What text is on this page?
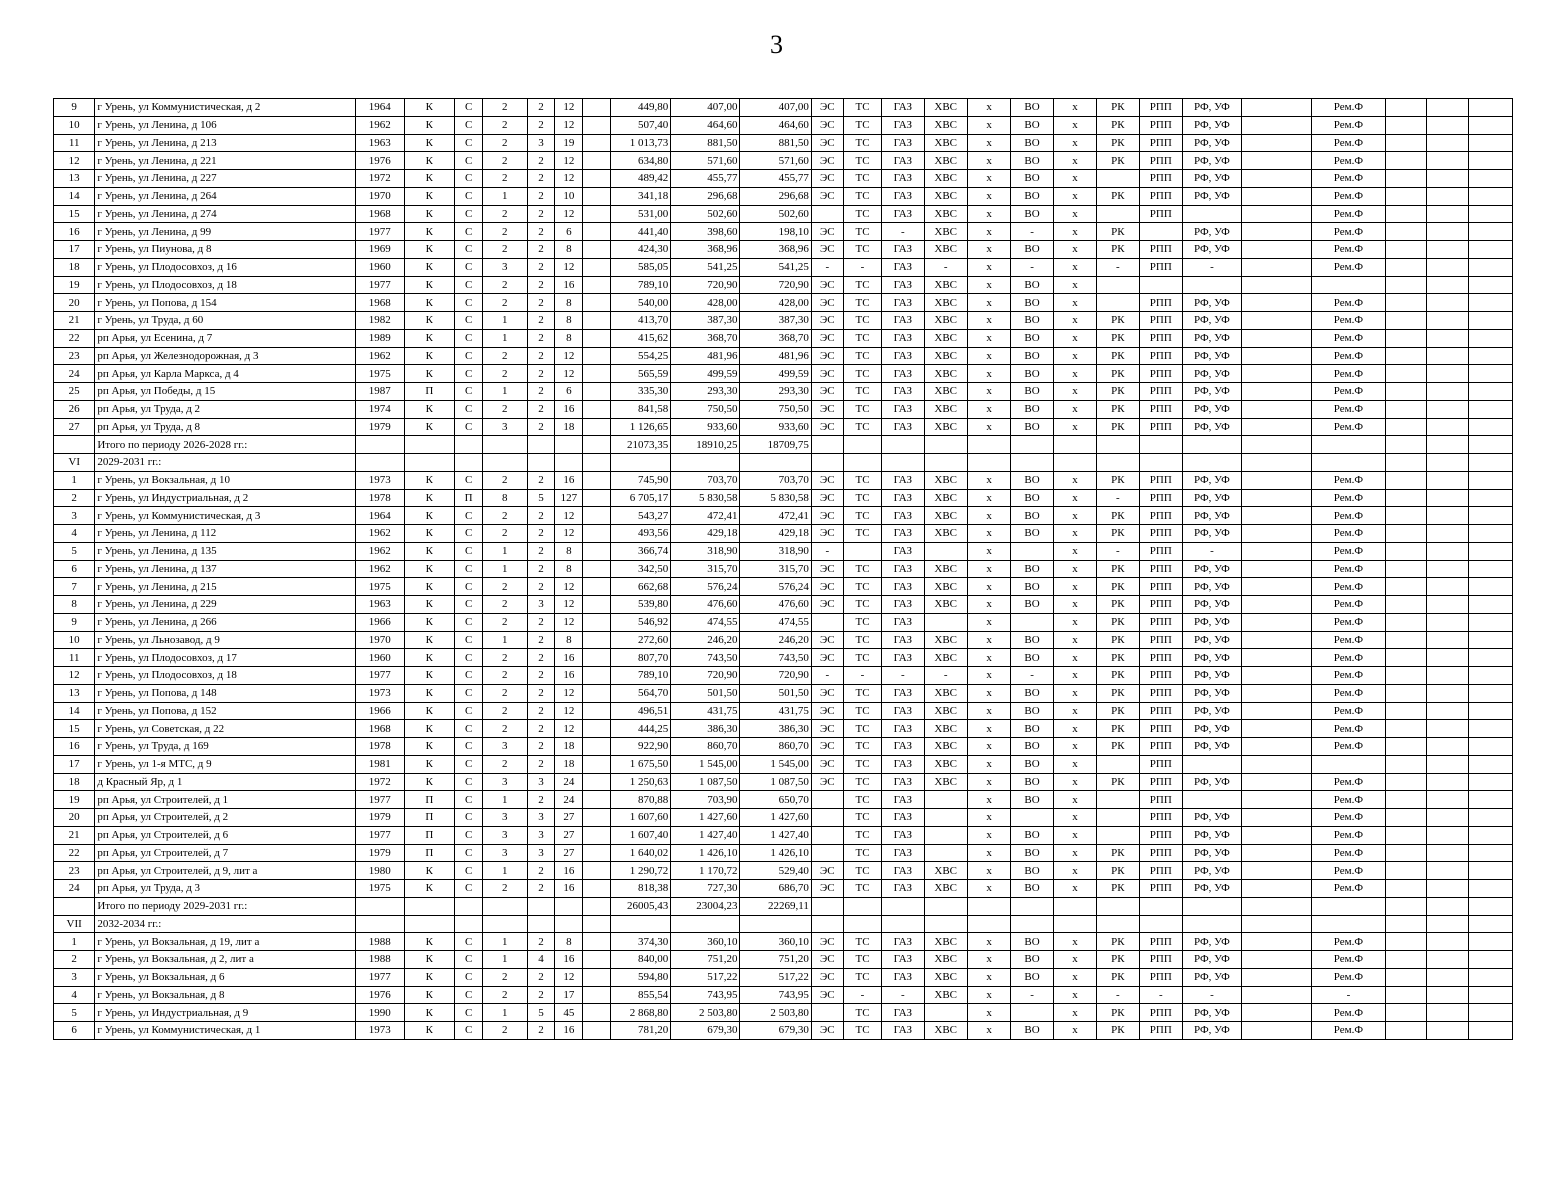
3
9	г Урень, ул Коммунистическая, д 2	1964	К	С	2	2	12		449,80	407,00	407,00	ЭС	ТС	ГАЗ	ХВС	х	ВО	х	РК	РПП	РФ, УФ		Рем.Ф			
10	г Урень, ул Ленина, д 106	1962	К	С	2	2	12		507,40	464,60	464,60	ЭС	ТС	ГАЗ	ХВС	х	ВО	х	РК	РПП	РФ, УФ		Рем.Ф			
11	г Урень, ул Ленина, д 213	1963	К	С	2	3	19		1 013,73	881,50	881,50	ЭС	ТС	ГАЗ	ХВС	х	ВО	х	РК	РПП	РФ, УФ		Рем.Ф			
12	г Урень, ул Ленина, д 221	1976	К	С	2	2	12		634,80	571,60	571,60	ЭС	ТС	ГАЗ	ХВС	х	ВО	х	РК	РПП	РФ, УФ		Рем.Ф			
13	г Урень, ул Ленина, д 227	1972	К	С	2	2	12		489,42	455,77	455,77	ЭС	ТС	ГАЗ	ХВС	х	ВО	х		РПП	РФ, УФ		Рем.Ф			
14	г Урень, ул Ленина, д 264	1970	К	С	1	2	10		341,18	296,68	296,68	ЭС	ТС	ГАЗ	ХВС	х	ВО	х	РК	РПП	РФ, УФ		Рем.Ф			
15	г Урень, ул Ленина, д 274	1968	К	С	2	2	12		531,00	502,60	502,60		ТС	ГАЗ	ХВС	х	ВО	х		РПП			Рем.Ф			
16	г Урень, ул Ленина, д 99	1977	К	С	2	2	6		441,40	398,60	198,10	ЭС	ТС	-	ХВС	х	-	х	РК		РФ, УФ		Рем.Ф			
17	г Урень, ул Пиунова, д 8	1969	К	С	2	2	8		424,30	368,96	368,96	ЭС	ТС	ГАЗ	ХВС	х	ВО	х	РК	РПП	РФ, УФ		Рем.Ф			
18	г Урень, ул Плодосовхоз, д 16	1960	К	С	3	2	12		585,05	541,25	541,25	-	-	ГАЗ	-	х	-	х	-	РПП	-		Рем.Ф			
19	г Урень, ул Плодосовхоз, д 18	1977	К	С	2	2	16		789,10	720,90	720,90	ЭС	ТС	ГАЗ	ХВС	х	ВО	х								
20	г Урень, ул Попова, д 154	1968	К	С	2	2	8		540,00	428,00	428,00	ЭС	ТС	ГАЗ	ХВС	х	ВО	х		РПП	РФ, УФ		Рем.Ф			
21	г Урень, ул Труда, д 60	1982	К	С	1	2	8		413,70	387,30	387,30	ЭС	ТС	ГАЗ	ХВС	х	ВО	х	РК	РПП	РФ, УФ		Рем.Ф			
22	рп Арья, ул Есенина, д 7	1989	К	С	1	2	8		415,62	368,70	368,70	ЭС	ТС	ГАЗ	ХВС	х	ВО	х	РК	РПП	РФ, УФ		Рем.Ф			
23	рп Арья, ул Железнодорожная, д 3	1962	К	С	2	2	12		554,25	481,96	481,96	ЭС	ТС	ГАЗ	ХВС	х	ВО	х	РК	РПП	РФ, УФ		Рем.Ф			
24	рп Арья, ул Карла Маркса, д 4	1975	К	С	2	2	12		565,59	499,59	499,59	ЭС	ТС	ГАЗ	ХВС	х	ВО	х	РК	РПП	РФ, УФ		Рем.Ф			
25	рп Арья, ул Победы, д 15	1987	П	С	1	2	6		335,30	293,30	293,30	ЭС	ТС	ГАЗ	ХВС	х	ВО	х	РК	РПП	РФ, УФ		Рем.Ф			
26	рп Арья, ул Труда, д 2	1974	К	С	2	2	16		841,58	750,50	750,50	ЭС	ТС	ГАЗ	ХВС	х	ВО	х	РК	РПП	РФ, УФ		Рем.Ф			
27	рп Арья, ул Труда, д 8	1979	К	С	3	2	18		1 126,65	933,60	933,60	ЭС	ТС	ГАЗ	ХВС	х	ВО	х	РК	РПП	РФ, УФ		Рем.Ф			
	Итого по периоду 2026-2028 гг.:								21073,35	18910,25	18709,75															
VI	2029-2031 гг.:																									
1	г Урень, ул Вокзальная, д 10	1973	К	С	2	2	16		745,90	703,70	703,70	ЭС	ТС	ГАЗ	ХВС	х	ВО	х	РК	РПП	РФ, УФ		Рем.Ф			
2	г Урень, ул Индустриальная, д 2	1978	К	П	8	5	127		6 705,17	5 830,58	5 830,58	ЭС	ТС	ГАЗ	ХВС	х	ВО	х	-	РПП	РФ, УФ		Рем.Ф			
3	г Урень, ул Коммунистическая, д 3	1964	К	С	2	2	12		543,27	472,41	472,41	ЭС	ТС	ГАЗ	ХВС	х	ВО	х	РК	РПП	РФ, УФ		Рем.Ф			
4	г Урень, ул Ленина, д 112	1962	К	С	2	2	12		493,56	429,18	429,18	ЭС	ТС	ГАЗ	ХВС	х	ВО	х	РК	РПП	РФ, УФ		Рем.Ф			
5	г Урень, ул Ленина, д 135	1962	К	С	1	2	8		366,74	318,90	318,90	-		ГАЗ		х		х	-	РПП	-		Рем.Ф			
6	г Урень, ул Ленина, д 137	1962	К	С	1	2	8		342,50	315,70	315,70	ЭС	ТС	ГАЗ	ХВС	х	ВО	х	РК	РПП	РФ, УФ		Рем.Ф			
7	г Урень, ул Ленина, д 215	1975	К	С	2	2	12		662,68	576,24	576,24	ЭС	ТС	ГАЗ	ХВС	х	ВО	х	РК	РПП	РФ, УФ		Рем.Ф			
8	г Урень, ул Ленина, д 229	1963	К	С	2	3	12		539,80	476,60	476,60	ЭС	ТС	ГАЗ	ХВС	х	ВО	х	РК	РПП	РФ, УФ		Рем.Ф			
9	г Урень, ул Ленина, д 266	1966	К	С	2	2	12		546,92	474,55	474,55		ТС	ГАЗ		х		х	РК	РПП	РФ, УФ		Рем.Ф			
10	г Урень, ул Льнозавод, д 9	1970	К	С	1	2	8		272,60	246,20	246,20	ЭС	ТС	ГАЗ	ХВС	х	ВО	х	РК	РПП	РФ, УФ		Рем.Ф			
11	г Урень, ул Плодосовхоз, д 17	1960	К	С	2	2	16		807,70	743,50	743,50	ЭС	ТС	ГАЗ	ХВС	х	ВО	х	РК	РПП	РФ, УФ		Рем.Ф			
12	г Урень, ул Плодосовхоз, д 18	1977	К	С	2	2	16		789,10	720,90	720,90	-	-	-	-	х	-	х	РК	РПП	РФ, УФ		Рем.Ф			
13	г Урень, ул Попова, д 148	1973	К	С	2	2	12		564,70	501,50	501,50	ЭС	ТС	ГАЗ	ХВС	х	ВО	х	РК	РПП	РФ, УФ		Рем.Ф			
14	г Урень, ул Попова, д 152	1966	К	С	2	2	12		496,51	431,75	431,75	ЭС	ТС	ГАЗ	ХВС	х	ВО	х	РК	РПП	РФ, УФ		Рем.Ф			
15	г Урень, ул Советская, д 22	1968	К	С	2	2	12		444,25	386,30	386,30	ЭС	ТС	ГАЗ	ХВС	х	ВО	х	РК	РПП	РФ, УФ		Рем.Ф			
16	г Урень, ул Труда, д 169	1978	К	С	3	2	18		922,90	860,70	860,70	ЭС	ТС	ГАЗ	ХВС	х	ВО	х	РК	РПП	РФ, УФ		Рем.Ф			
17	г Урень, ул 1-я МТС, д 9	1981	К	С	2	2	18		1 675,50	1 545,00	1 545,00	ЭС	ТС	ГАЗ	ХВС	х	ВО	х		РПП						
18	д Красный Яр, д 1	1972	К	С	3	3	24		1 250,63	1 087,50	1 087,50	ЭС	ТС	ГАЗ	ХВС	х	ВО	х	РК	РПП	РФ, УФ		Рем.Ф			
19	рп Арья, ул Строителей, д 1	1977	П	С	1	2	24		870,88	703,90	650,70		ТС	ГАЗ		х	ВО	х		РПП			Рем.Ф			
20	рп Арья, ул Строителей, д 2	1979	П	С	3	3	27		1 607,60	1 427,60	1 427,60		ТС	ГАЗ		х		х		РПП	РФ, УФ		Рем.Ф			
21	рп Арья, ул Строителей, д 6	1977	П	С	3	3	27		1 607,40	1 427,40	1 427,40		ТС	ГАЗ		х	ВО	х		РПП	РФ, УФ		Рем.Ф			
22	рп Арья, ул Строителей, д 7	1979	П	С	3	3	27		1 640,02	1 426,10	1 426,10		ТС	ГАЗ		х	ВО	х	РК	РПП	РФ, УФ		Рем.Ф			
23	рп Арья, ул Строителей, д 9, лит а	1980	К	С	1	2	16		1 290,72	1 170,72	529,40	ЭС	ТС	ГАЗ	ХВС	х	ВО	х	РК	РПП	РФ, УФ		Рем.Ф			
24	рп Арья, ул Труда, д 3	1975	К	С	2	2	16		818,38	727,30	686,70	ЭС	ТС	ГАЗ	ХВС	х	ВО	х	РК	РПП	РФ, УФ		Рем.Ф			
	Итого по периоду 2029-2031 гг.:								26005,43	23004,23	22269,11															
VII	2032-2034 гг.:																									
1	г Урень, ул Вокзальная, д 19, лит а	1988	К	С	1	2	8		374,30	360,10	360,10	ЭС	ТС	ГАЗ	ХВС	х	ВО	х	РК	РПП	РФ, УФ		Рем.Ф			
2	г Урень, ул Вокзальная, д 2, лит а	1988	К	С	1	4	16		840,00	751,20	751,20	ЭС	ТС	ГАЗ	ХВС	х	ВО	х	РК	РПП	РФ, УФ		Рем.Ф			
3	г Урень, ул Вокзальная, д 6	1977	К	С	2	2	12		594,80	517,22	517,22	ЭС	ТС	ГАЗ	ХВС	х	ВО	х	РК	РПП	РФ, УФ		Рем.Ф			
4	г Урень, ул Вокзальная, д 8	1976	К	С	2	2	17		855,54	743,95	743,95	ЭС	-	-	ХВС	х	-	х	-	-	-		-			
5	г Урень, ул Индустриальная, д 9	1990	К	С	1	5	45		2 868,80	2 503,80	2 503,80		ТС	ГАЗ		х		х	РК	РПП	РФ, УФ		Рем.Ф			
6	г Урень, ул Коммунистическая, д 1	1973	К	С	2	2	16		781,20	679,30	679,30	ЭС	ТС	ГАЗ	ХВС	х	ВО	х	РК	РПП	РФ, УФ		Рем.Ф			
